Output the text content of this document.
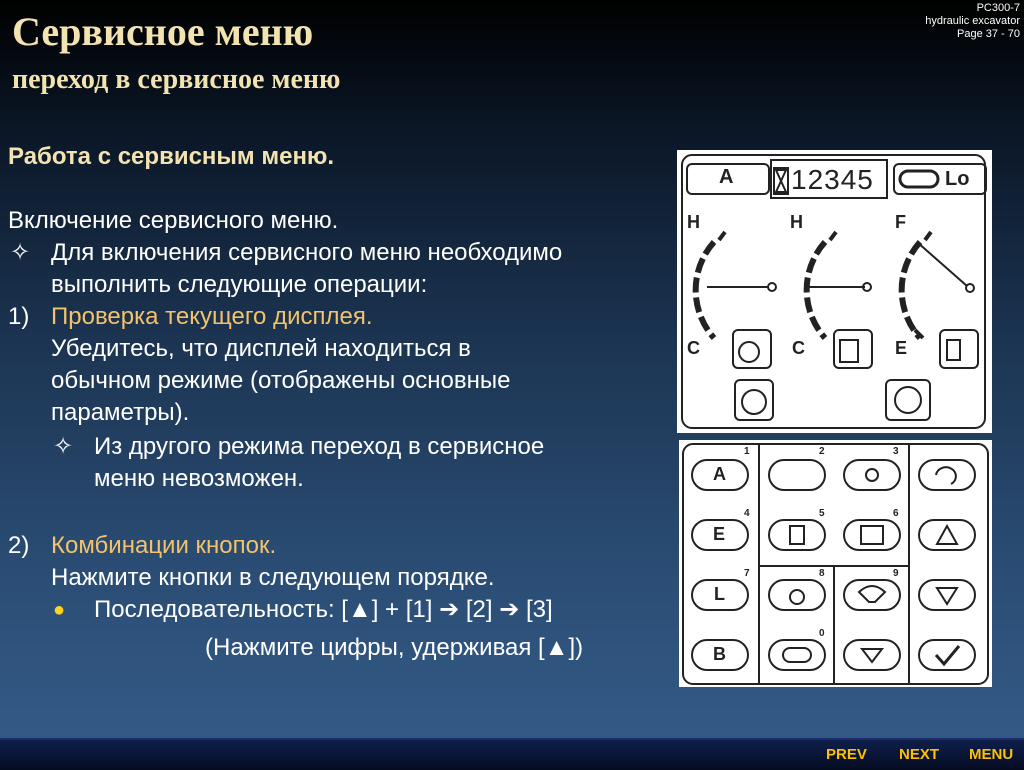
Сервисное меню
переход в сервисное меню
PC300-7
hydraulic excavator
Page 37 - 70
Работа с сервисным меню.
Включение сервисного меню.
✧ Для включения сервисного меню необходимо
выполнить следующие операции:
1) Проверка текущего дисплея.
Убедитесь, что дисплей находиться в
обычном режиме (отображены основные
параметры).
✧ Из другого режима переход в сервисное
меню невозможен.
2) Комбинации кнопок.
Нажмите кнопки в следующем порядке.
● Последовательность: [▲] + [1] ➔ [2] ➔ [3]
(Нажмите цифры, удерживая [▲])
A 12345	Lo
H	H	F
C	C	E
A
E
L
B
1	2	3
4	5	6
7	8	9
0
PREV NEXT MENU
